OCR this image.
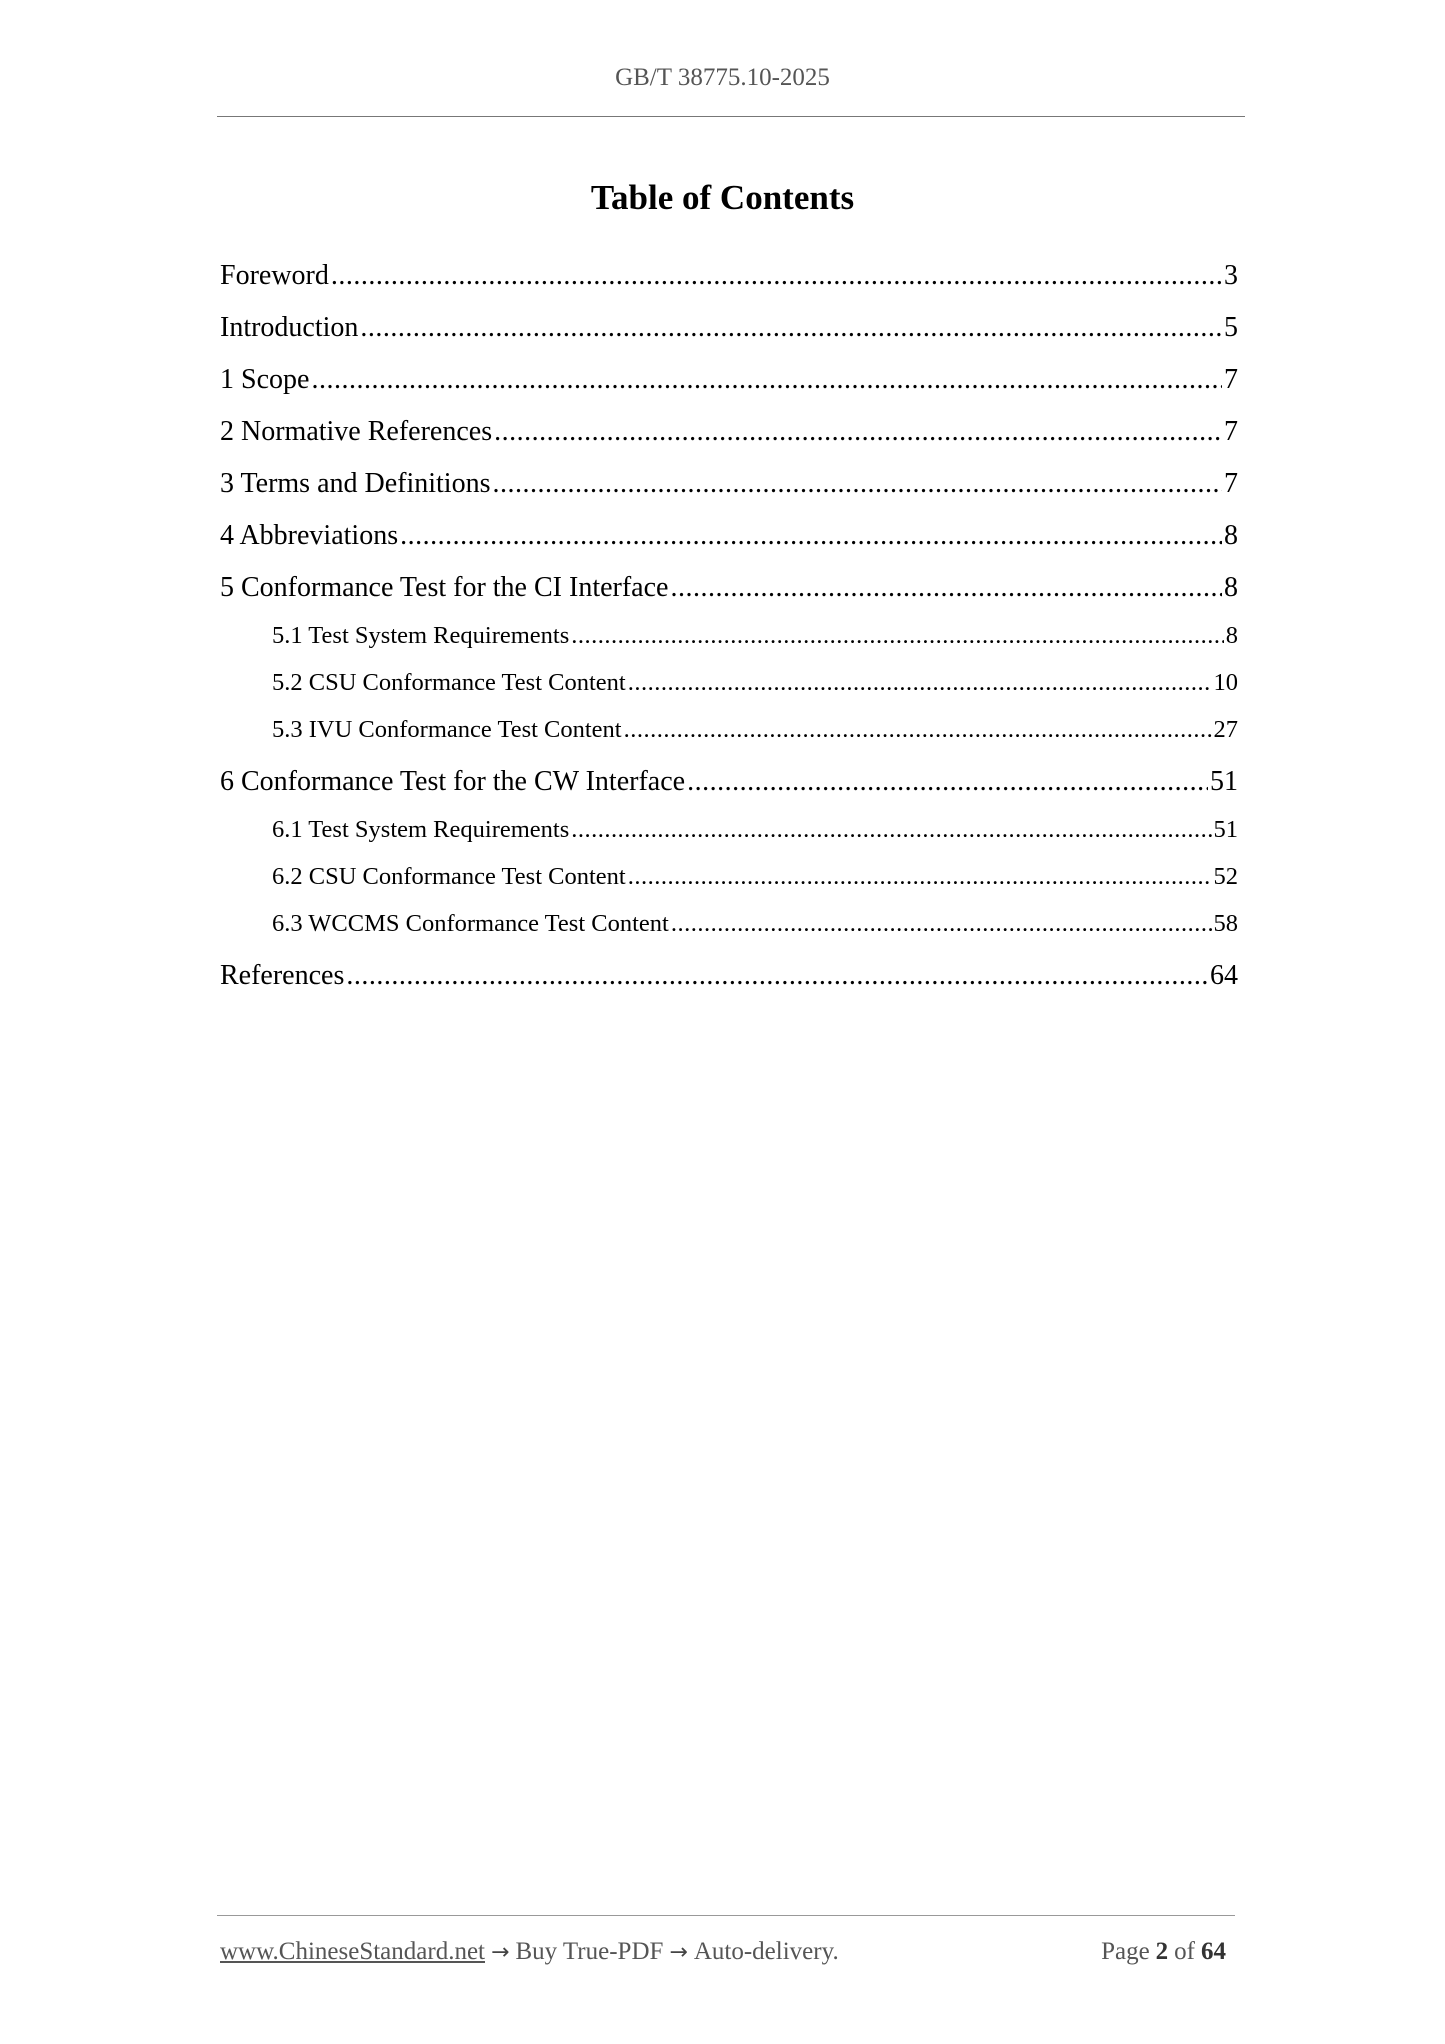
GB/T 38775.10-2025
Table of Contents
Foreword .....	3
Introduction .....	5
1 Scope .....	7
2 Normative References .....	7
3 Terms and Definitions .....	7
4 Abbreviations .....	8
5 Conformance Test for the CI Interface .....	8
5.1 Test System Requirements .....	8
5.2 CSU Conformance Test Content .....	10
5.3 IVU Conformance Test Content .....	27
6 Conformance Test for the CW Interface .....	51
6.1 Test System Requirements .....	51
6.2 CSU Conformance Test Content .....	52
6.3 WCCMS Conformance Test Content .....	58
References .....	64
www.ChineseStandard.net → Buy True-PDF → Auto-delivery.	Page 2 of 64
